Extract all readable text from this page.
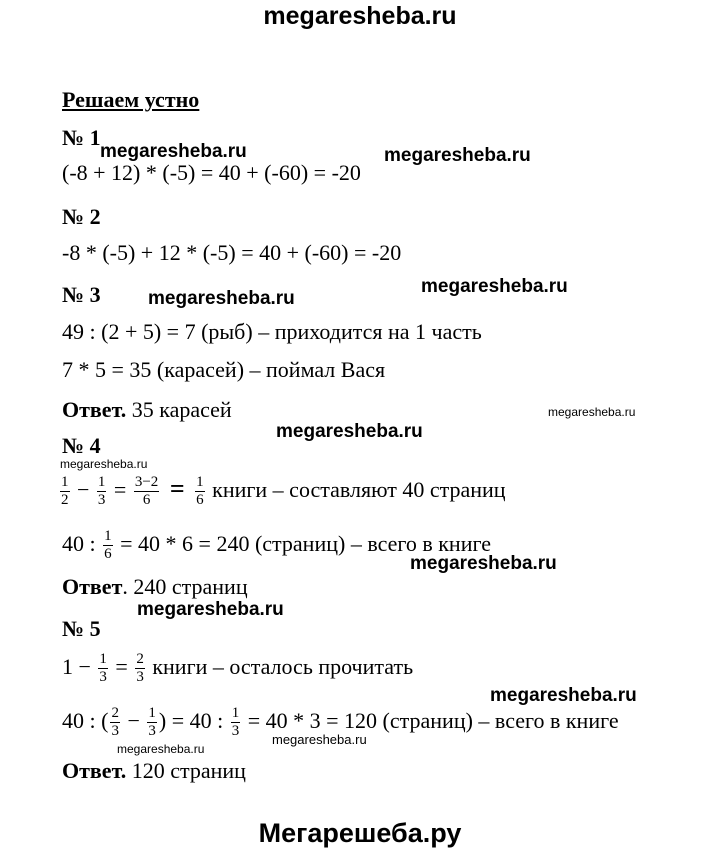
megaresheba.ru
Решаем устно
№ 1
(-8 + 12) * (-5) = 40 + (-60) = -20
№ 2
-8 * (-5) + 12 * (-5) = 40 + (-60) = -20
№ 3
49 : (2 + 5) = 7 (рыб) – приходится на 1 часть
7 * 5 = 35 (карасей) – поймал Вася
Ответ. 35 карасей
№ 4
$\frac{1}{2} - \frac{1}{3} = \frac{3-2}{6} = \frac{1}{6}$ книги – составляют 40 страниц
40 : $\frac{1}{6} = 40 * 6 = 240$ (страниц) – всего в книге
Ответ. 240 страниц
№ 5
$1 - \frac{1}{3} = \frac{2}{3}$ книги – осталось прочитать
40 : ( $\frac{2}{3} - \frac{1}{3}$ ) = 40 : $\frac{1}{3} = 40 * 3 = 120$ (страниц) – всего в книге
Ответ. 120 страниц
megaresheba.ru	megaresheba.ru
megaresheba.ru
megaresheba.ru
megaresheba.ru
megaresheba.ru
megaresheba.ru
megaresheba.ru
megaresheba.ru
megaresheba.ru
megaresheba.ru
megaresheba.ru
Мегарешеба.ру
